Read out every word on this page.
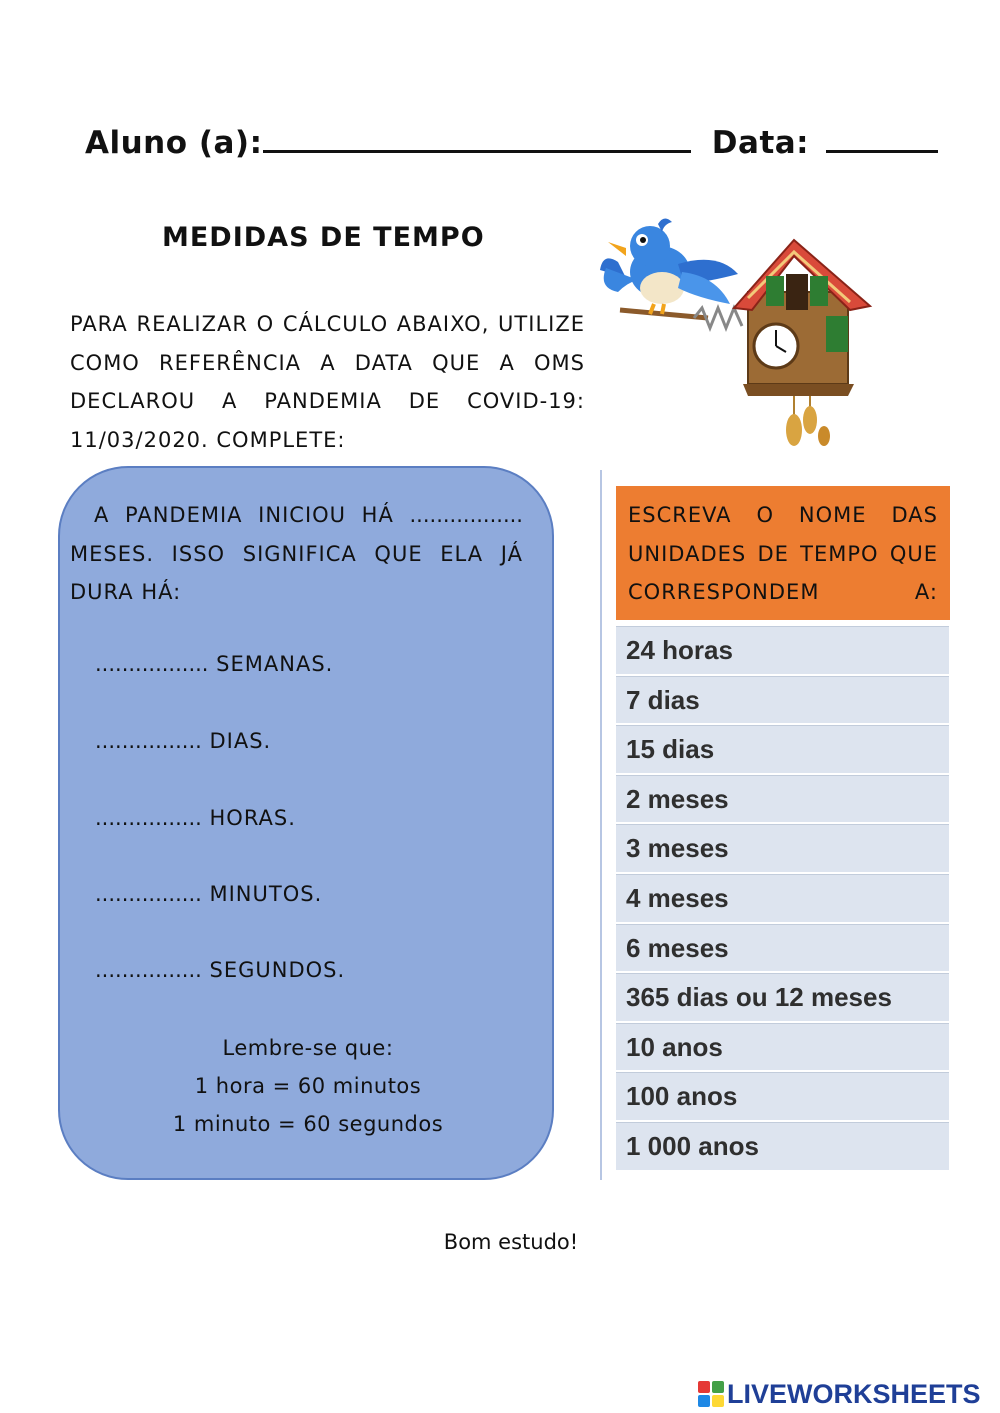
Aluno (a):	Data:
MEDIDAS DE TEMPO
PARA REALIZAR O CÁLCULO ABAIXO, UTILIZE COMO REFERÊNCIA A DATA QUE A OMS DECLAROU A PANDEMIA DE COVID-19: 11/03/2020. COMPLETE:
A PANDEMIA INICIOU HÁ ................. MESES. ISSO SIGNIFICA QUE ELA JÁ DURA HÁ:
................. SEMANAS.
................ DIAS.
................ HORAS.
................ MINUTOS.
................ SEGUNDOS.
Lembre-se que:
1 hora = 60 minutos
1 minuto = 60 segundos
ESCREVA O NOME DAS UNIDADES DE TEMPO QUE CORRESPONDEM A:
24 horas
7 dias
15 dias
2 meses
3 meses
4 meses
6 meses
365 dias ou 12 meses
10 anos
100 anos
1 000 anos
Bom estudo!
LIVEWORKSHEETS
